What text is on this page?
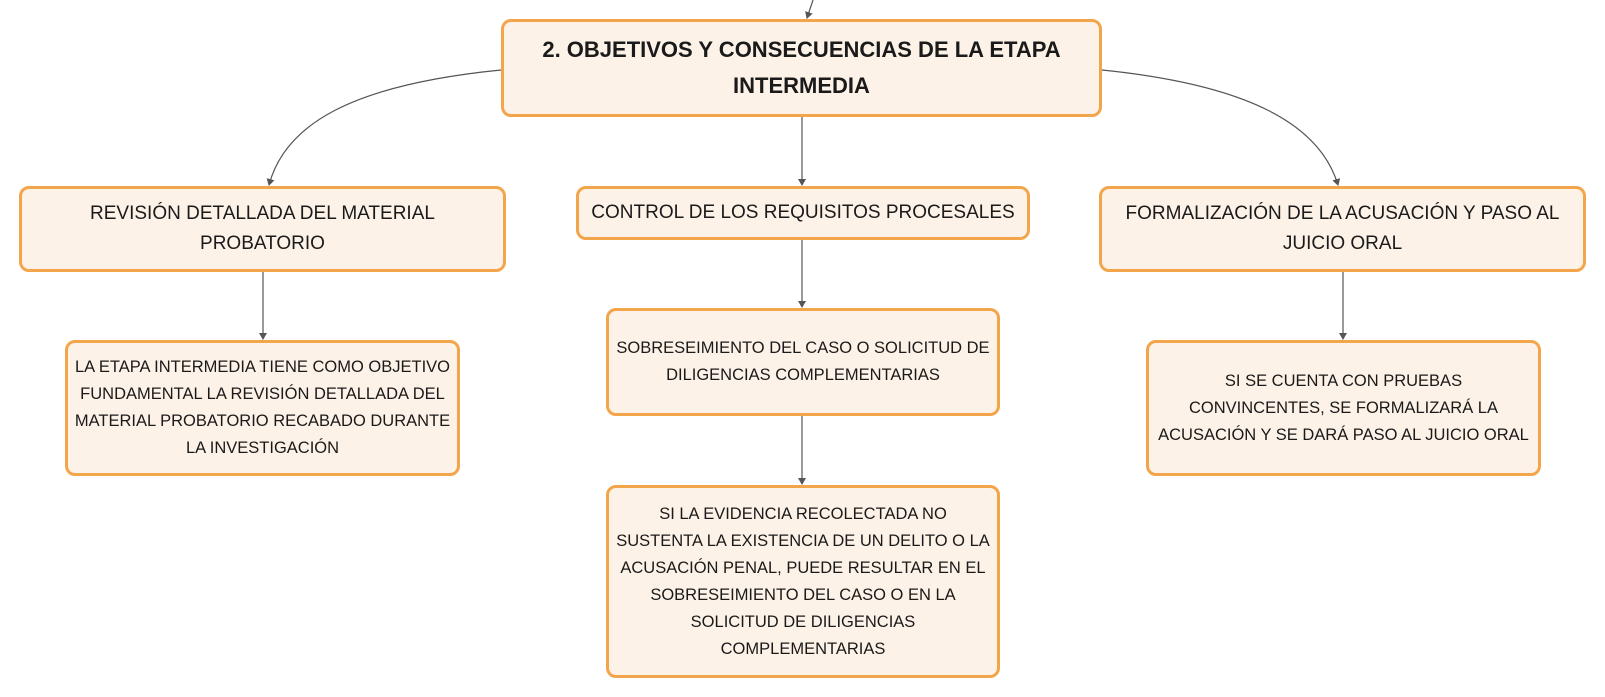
2. OBJETIVOS Y CONSECUENCIAS DE LA ETAPA INTERMEDIA
REVISIÓN DETALLADA DEL MATERIAL PROBATORIO
CONTROL DE LOS REQUISITOS PROCESALES	FORMALIZACIÓN DE LA ACUSACIÓN Y PASO AL JUICIO ORAL
LA ETAPA INTERMEDIA TIENE COMO OBJETIVO FUNDAMENTAL LA REVISIÓN DETALLADA DEL MATERIAL PROBATORIO RECABADO DURANTE LA INVESTIGACIÓN
SOBRESEIMIENTO DEL CASO O SOLICITUD DE DILIGENCIAS COMPLEMENTARIAS
SI LA EVIDENCIA RECOLECTADA NO SUSTENTA LA EXISTENCIA DE UN DELITO O LA ACUSACIÓN PENAL, PUEDE RESULTAR EN EL SOBRESEIMIENTO DEL CASO O EN LA SOLICITUD DE DILIGENCIAS COMPLEMENTARIAS
SI SE CUENTA CON PRUEBAS CONVINCENTES, SE FORMALIZARÁ LA ACUSACIÓN Y SE DARÁ PASO AL JUICIO ORAL
